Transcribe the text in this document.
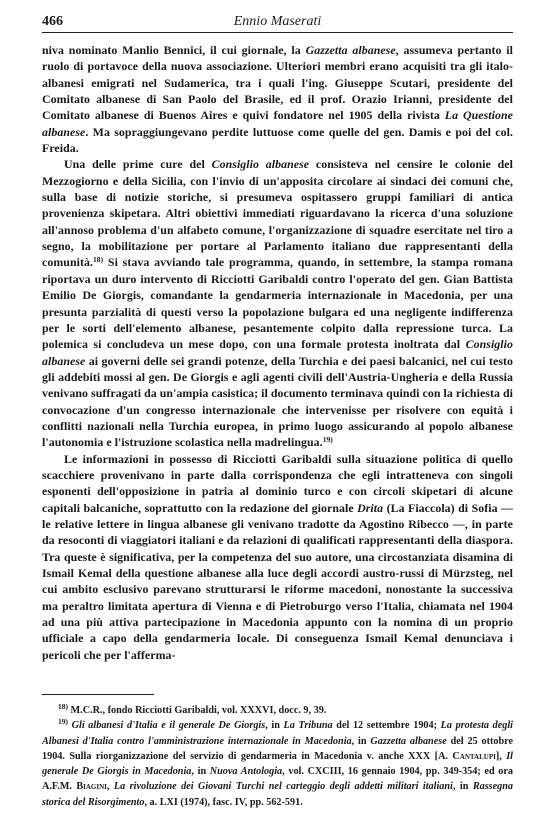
466	Ennio Maserati

niva nominato Manlio Bennici, il cui giornale, la Gazzetta albanese, assumeva pertanto il ruolo di portavoce della nuova associazione. Ulteriori membri erano acquisiti tra gli italo-albanesi emigrati nel Sudamerica, tra i quali l'ing. Giuseppe Scutari, presidente del Comitato albanese di San Paolo del Brasile, ed il prof. Orazio Irianni, presidente del Comitato albanese di Buenos Aires e quivi fondatore nel 1905 della rivista La Questione albanese. Ma sopraggiungevano perdite luttuose come quelle del gen. Damis e poi del col. Freida.

Una delle prime cure del Consiglio albanese consisteva nel censire le colonie del Mezzogiorno e della Sicilia, con l'invio di un'apposita circolare ai sindaci dei comuni che, sulla base di notizie storiche, si presumeva ospitassero gruppi familiari di antica provenienza skipetara. Altri obiettivi immediati riguardavano la ricerca d'una soluzione all'annoso problema d'un alfabeto comune, l'organizzazione di squadre esercitate nel tiro a segno, la mobilitazione per portare al Parlamento italiano due rappresentanti della comunità.$^{18)}$ Si stava avviando tale programma, quando, in settembre, la stampa romana riportava un duro intervento di Ricciotti Garibaldi contro l'operato del gen. Gian Battista Emilio De Giorgis, comandante la gendarmeria internazionale in Macedonia, per una presunta parzialità di questi verso la popolazione bulgara ed una negligente indifferenza per le sorti dell'elemento albanese, pesantemente colpito dalla repressione turca. La polemica si concludeva un mese dopo, con una formale protesta inoltrata dal Consiglio albanese ai governi delle sei grandi potenze, della Turchia e dei paesi balcanici, nel cui testo gli addebiti mossi al gen. De Giorgis e agli agenti civili dell'Austria-Ungheria e della Russia venivano suffragati da un'ampia casistica; il documento terminava quindi con la richiesta di convocazione d'un congresso internazionale che intervenisse per risolvere con equità i conflitti nazionali nella Turchia europea, in primo luogo assicurando al popolo albanese l'autonomia e l'istruzione scolastica nella madrelingua.$^{19)}$

Le informazioni in possesso di Ricciotti Garibaldi sulla situazione politica di quello scacchiere provenivano in parte dalla corrispondenza che egli intratteneva con singoli esponenti dell'opposizione in patria al dominio turco e con circoli skipetari di alcune capitali balcaniche, soprattutto con la redazione del giornale Drita (La Fiaccola) di Sofia — le relative lettere in lingua albanese gli venivano tradotte da Agostino Ribecco —, in parte da resoconti di viaggiatori italiani e da relazioni di qualificati rappresentanti della diaspora. Tra queste è significativa, per la competenza del suo autore, una circostanziata disamina di Ismail Kemal della questione albanese alla luce degli accordi austro-russi di Mürzsteg, nel cui ambito esclusivo parevano strutturarsi le riforme macedoni, nonostante la successiva ma peraltro limitata apertura di Vienna e di Pietroburgo verso l'Italia, chiamata nel 1904 ad una più attiva partecipazione in Macedonia appunto con la nomina di un proprio ufficiale a capo della gendarmeria locale. Di conseguenza Ismail Kemal denunciava i pericoli che per l'afferma-

$^{18)}$ M.C.R., fondo Ricciotti Garibaldi, vol. XXXVI, docc. 9, 39.

$^{19)}$ Gli albanesi d'Italia e il generale De Giorgis, in La Tribuna del 12 settembre 1904; La protesta degli Albanesi d'Italia contro l'amministrazione internazionale in Macedonia, in Gazzetta albanese del 25 ottobre 1904. Sulla riorganizzazione del servizio di gendarmeria in Macedonia v. anche XXX [A. Cantalupi], Il generale De Giorgis in Macedonia, in Nuova Antologia, vol. CXCIII, 16 gennaio 1904, pp. 349-354; ed ora A.F.M. Biagini, La rivoluzione dei Giovani Turchi nel carteggio degli addetti militari italiani, in Rassegna storica del Risorgimento, a. LXI (1974), fasc. IV, pp. 562-591.
